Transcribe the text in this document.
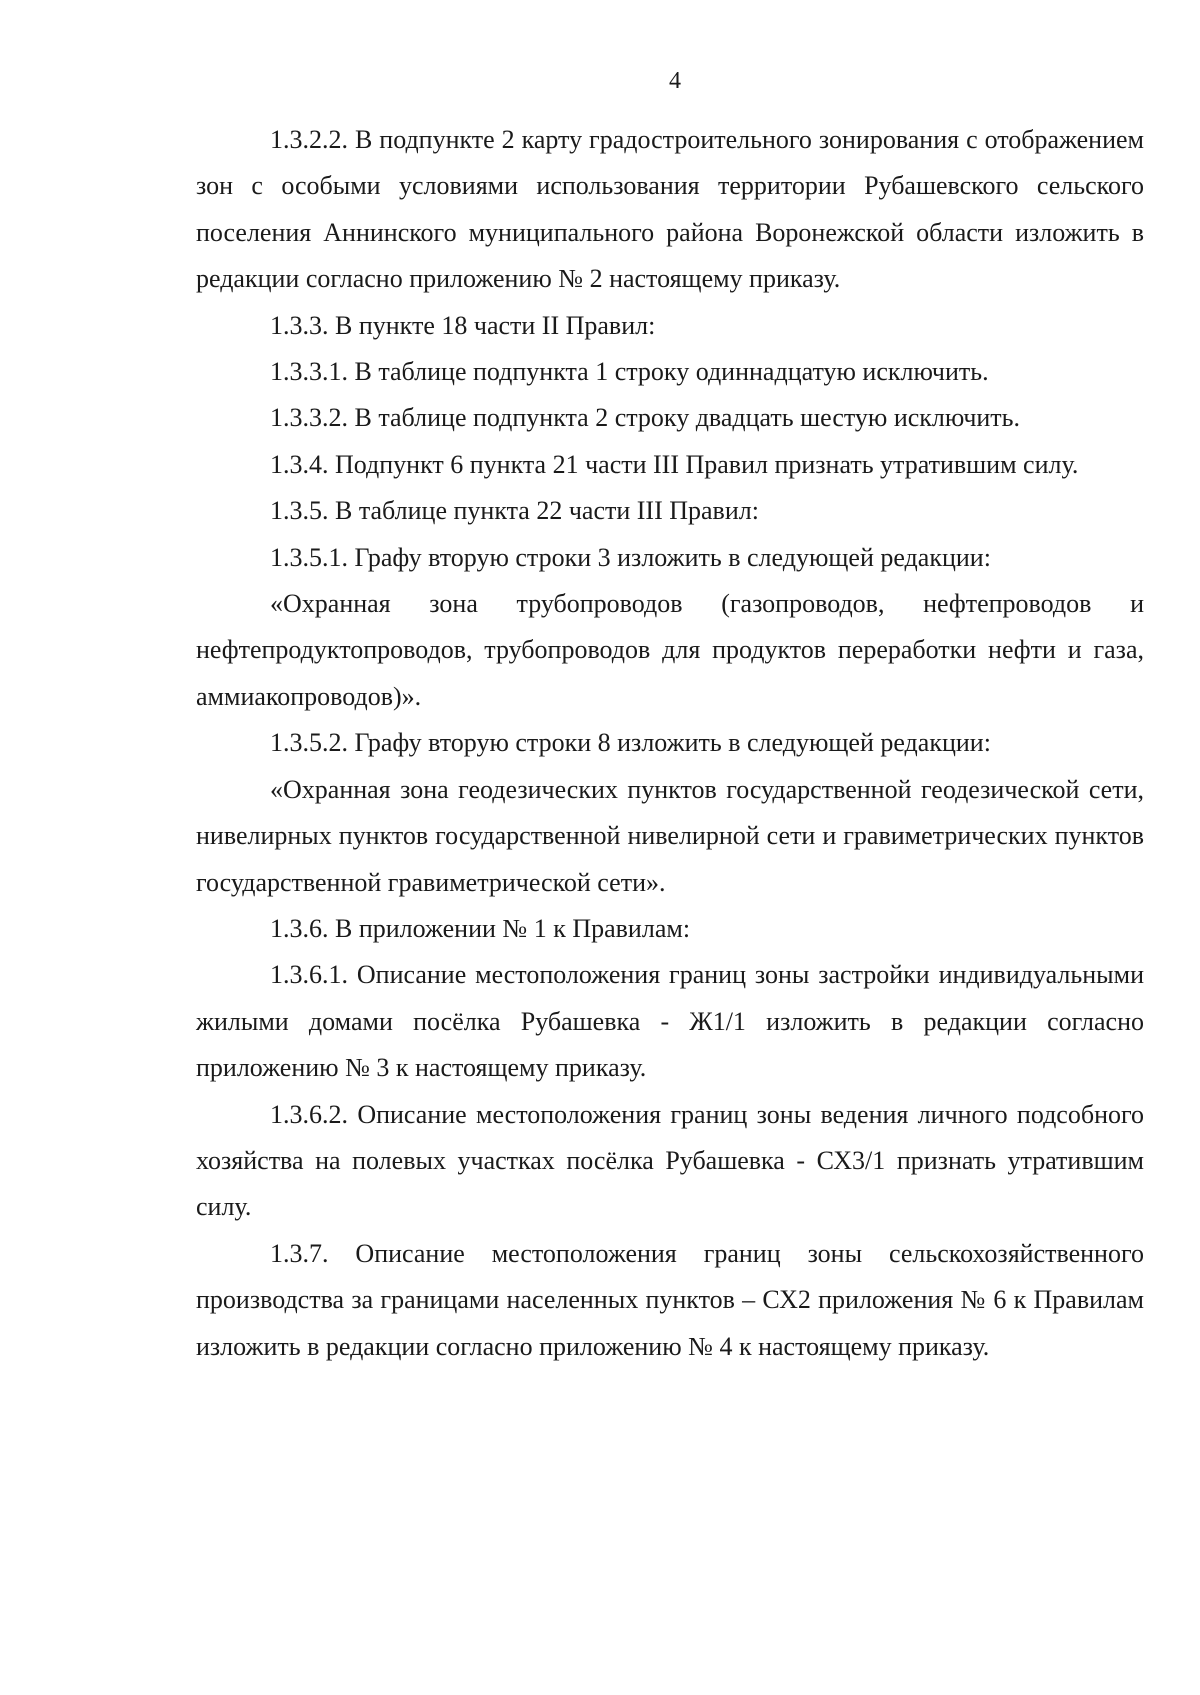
4

1.3.2.2. В подпункте 2 карту градостроительного зонирования с отображением зон с особыми условиями использования территории Рубашевского сельского поселения Аннинского муниципального района Воронежской области изложить в редакции согласно приложению № 2 настоящему приказу.

1.3.3. В пункте 18 части II Правил:

1.3.3.1. В таблице подпункта 1 строку одиннадцатую исключить.

1.3.3.2. В таблице подпункта 2 строку двадцать шестую исключить.

1.3.4. Подпункт 6 пункта 21 части III Правил признать утратившим силу.

1.3.5. В таблице пункта 22 части III Правил:

1.3.5.1. Графу вторую строки 3 изложить в следующей редакции:

«Охранная зона трубопроводов (газопроводов, нефтепроводов и нефтепродуктопроводов, трубопроводов для продуктов переработки нефти и газа, аммиакопроводов)».

1.3.5.2. Графу вторую строки 8 изложить в следующей редакции:

«Охранная зона геодезических пунктов государственной геодезической сети, нивелирных пунктов государственной нивелирной сети и гравиметрических пунктов государственной гравиметрической сети».

1.3.6. В приложении № 1 к Правилам:

1.3.6.1. Описание местоположения границ зоны застройки индивидуальными жилыми домами посёлка Рубашевка - Ж1/1 изложить в редакции согласно приложению № 3 к настоящему приказу.

1.3.6.2. Описание местоположения границ зоны ведения личного подсобного хозяйства на полевых участках посёлка Рубашевка - СХ3/1 признать утратившим силу.

1.3.7. Описание местоположения границ зоны сельскохозяйственного производства за границами населенных пунктов – СХ2 приложения № 6 к Правилам изложить в редакции согласно приложению № 4 к настоящему приказу.
